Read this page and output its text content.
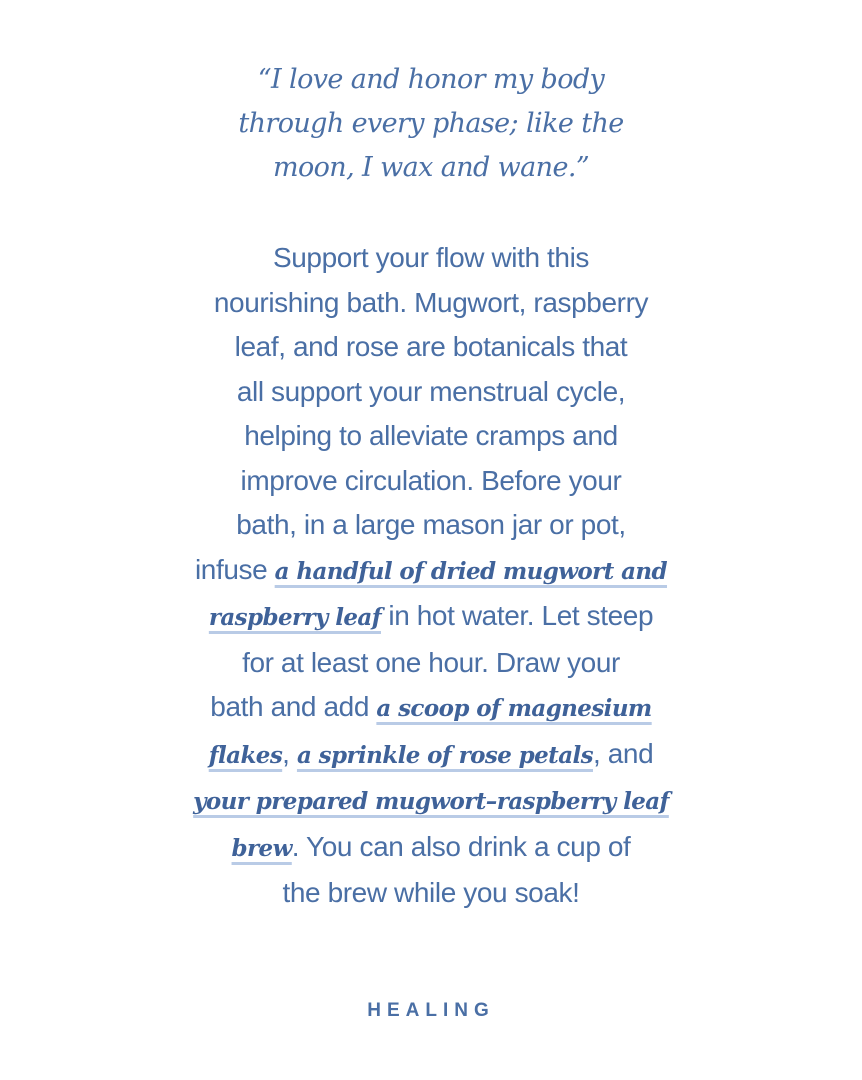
“I love and honor my body
through every phase; like the
moon, I wax and wane.”
Support your flow with this
nourishing bath. Mugwort, raspberry
leaf, and rose are botanicals that
all support your menstrual cycle,
helping to alleviate cramps and
improve circulation. Before your
bath, in a large mason jar or pot,
infuse a handful of dried mugwort and
raspberry leaf in hot water. Let steep
for at least one hour. Draw your
bath and add a scoop of magnesium
flakes, a sprinkle of rose petals, and
your prepared mugwort–raspberry leaf
brew. You can also drink a cup of
the brew while you soak!
HEALING
